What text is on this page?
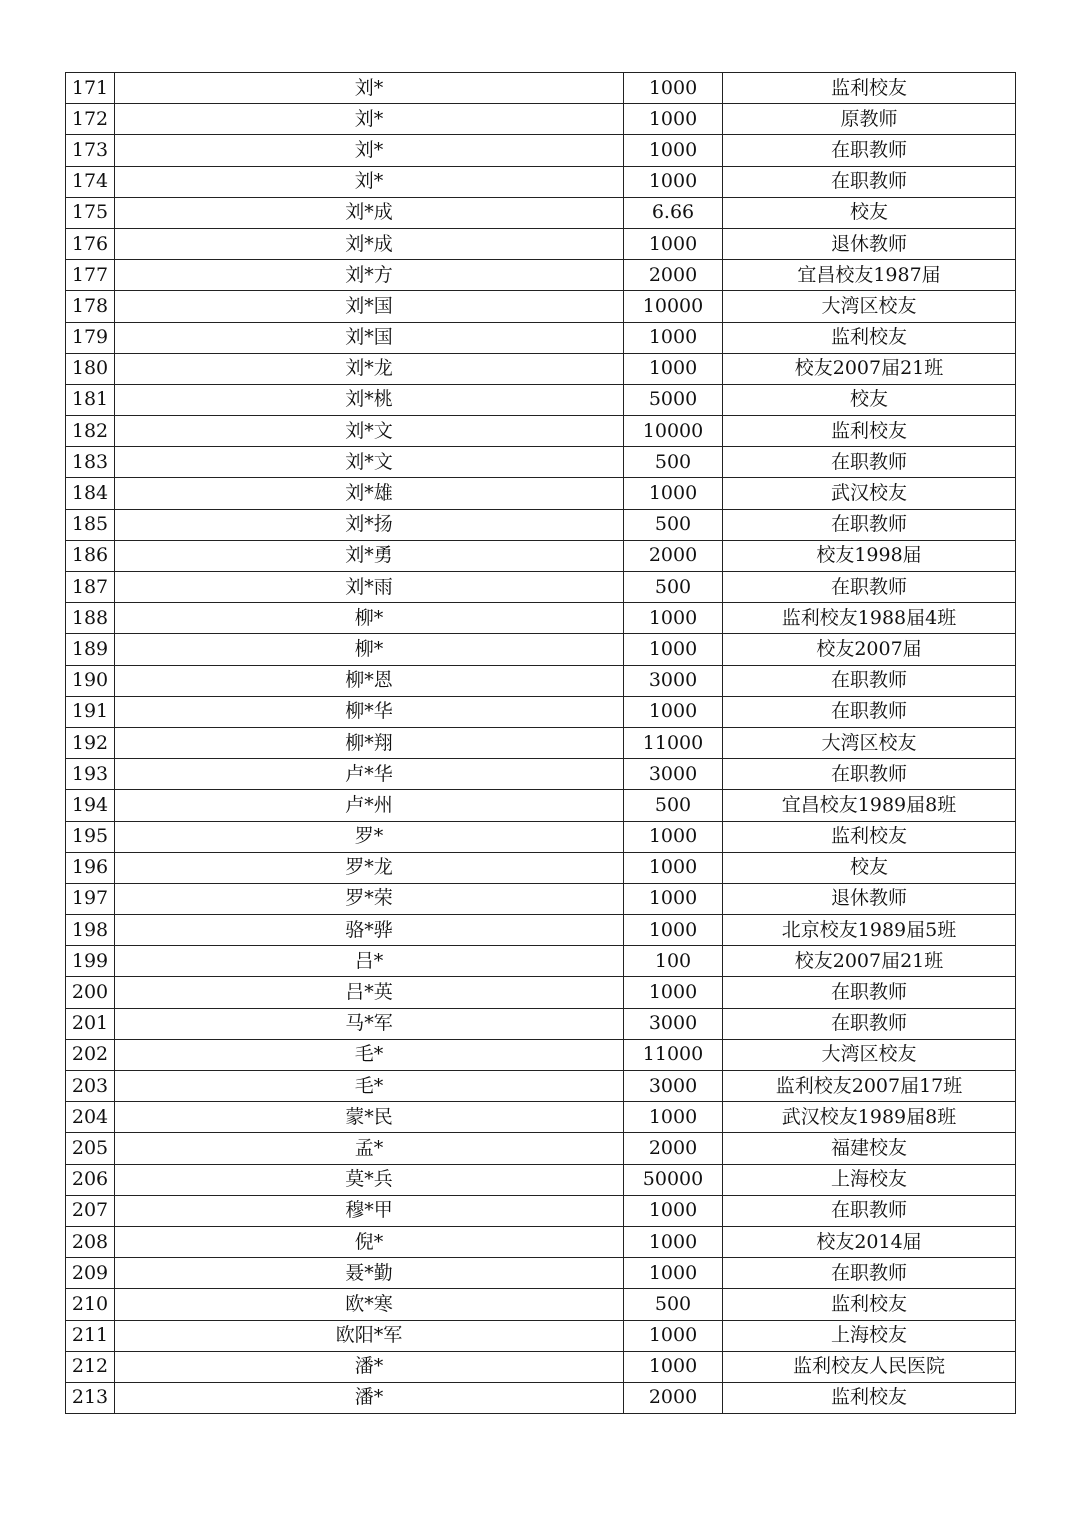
171	刘*	1000	监利校友
172	刘*	1000	原教师
173	刘*	1000	在职教师
174	刘*	1000	在职教师
175	刘*成	6.66	校友
176	刘*成	1000	退休教师
177	刘*方	2000	宜昌校友1987届
178	刘*国	10000	大湾区校友
179	刘*国	1000	监利校友
180	刘*龙	1000	校友2007届21班
181	刘*桃	5000	校友
182	刘*文	10000	监利校友
183	刘*文	500	在职教师
184	刘*雄	1000	武汉校友
185	刘*扬	500	在职教师
186	刘*勇	2000	校友1998届
187	刘*雨	500	在职教师
188	柳*	1000	监利校友1988届4班
189	柳*	1000	校友2007届
190	柳*恩	3000	在职教师
191	柳*华	1000	在职教师
192	柳*翔	11000	大湾区校友
193	卢*华	3000	在职教师
194	卢*州	500	宜昌校友1989届8班
195	罗*	1000	监利校友
196	罗*龙	1000	校友
197	罗*荣	1000	退休教师
198	骆*骅	1000	北京校友1989届5班
199	吕*	100	校友2007届21班
200	吕*英	1000	在职教师
201	马*军	3000	在职教师
202	毛*	11000	大湾区校友
203	毛*	3000	监利校友2007届17班
204	蒙*民	1000	武汉校友1989届8班
205	孟*	2000	福建校友
206	莫*兵	50000	上海校友
207	穆*甲	1000	在职教师
208	倪*	1000	校友2014届
209	聂*勤	1000	在职教师
210	欧*寒	500	监利校友
211	欧阳*军	1000	上海校友
212	潘*	1000	监利校友人民医院
213	潘*	2000	监利校友
